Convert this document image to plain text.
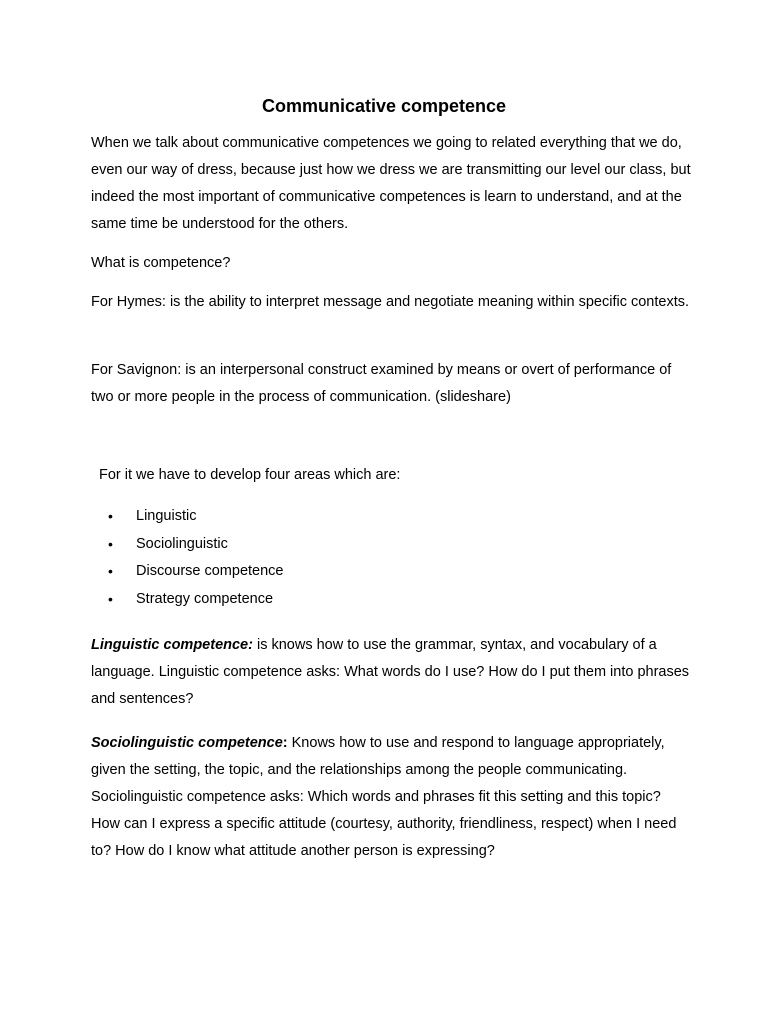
Communicative competence

When we talk about communicative competences we going to related everything that we do, even our way of dress, because just how we dress we are transmitting our level our class, but indeed the most important of communicative competences is learn to understand, and at the same time be understood for the others.

What is competence?

For Hymes: is the ability to interpret message and negotiate meaning within specific contexts.

For Savignon: is an interpersonal construct examined by means or overt of performance of two or more people in the process of communication. (slideshare)

For it we have to develop four areas which are:

• Linguistic
• Sociolinguistic
• Discourse competence
• Strategy competence

Linguistic competence: is knows how to use the grammar, syntax, and vocabulary of a language. Linguistic competence asks: What words do I use? How do I put them into phrases and sentences?

Sociolinguistic competence: Knows how to use and respond to language appropriately, given the setting, the topic, and the relationships among the people communicating. Sociolinguistic competence asks: Which words and phrases fit this setting and this topic? How can I express a specific attitude (courtesy, authority, friendliness, respect) when I need to? How do I know what attitude another person is expressing?
